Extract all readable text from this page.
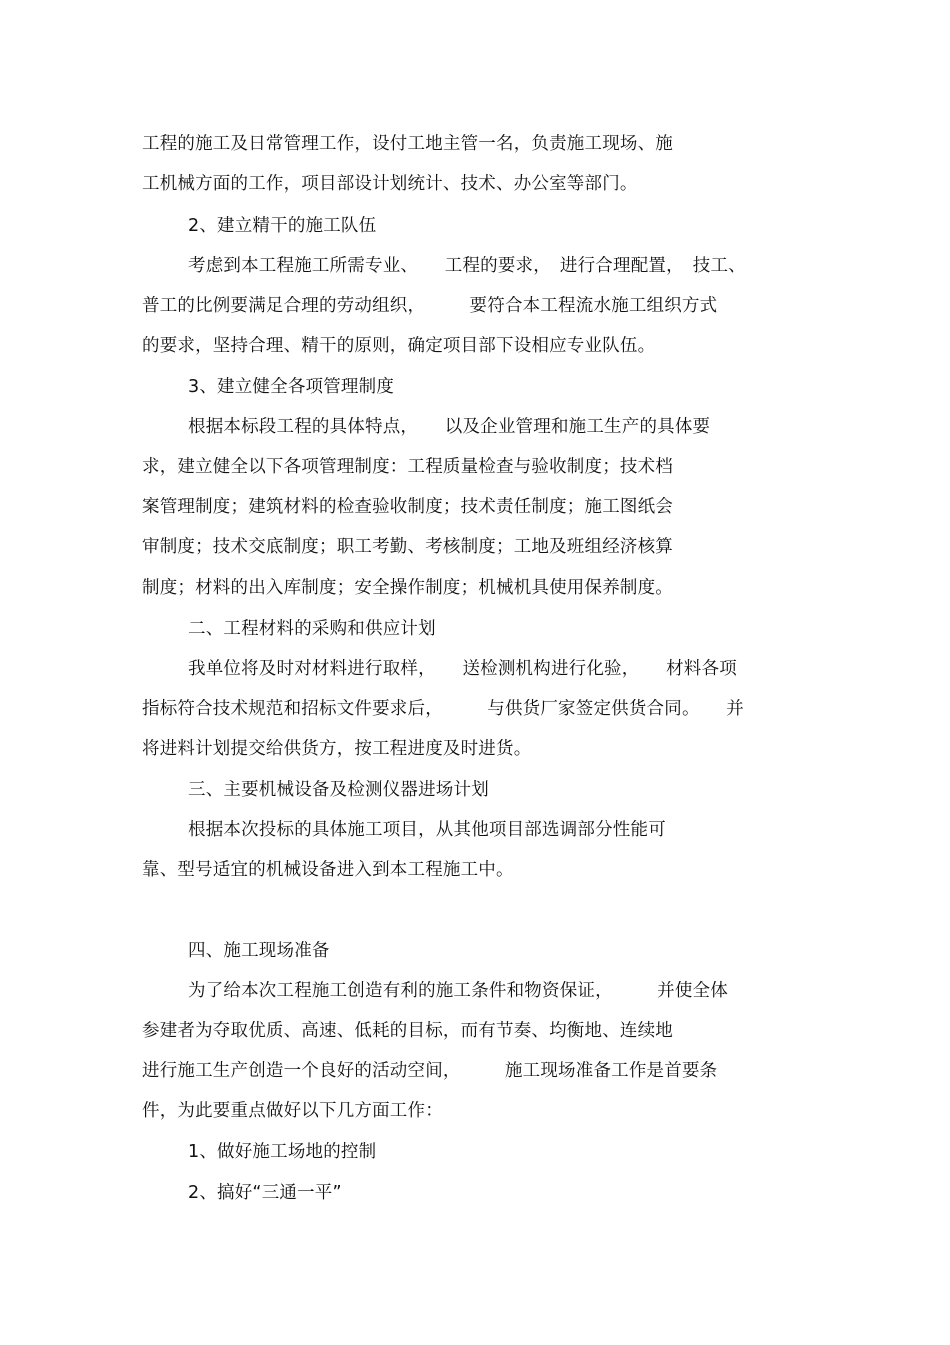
工程的施工及日常管理工作，设付工地主管一名，负责施工现场、施
工机械方面的工作，项目部设计划统计、技术、办公室等部门。
2、建立精干的施工队伍
考虑到本工程施工所需专业、　　工程的要求，　进行合理配置，　技工、
普工的比例要满足合理的劳动组织，　　　要符合本工程流水施工组织方式
的要求，坚持合理、精干的原则，确定项目部下设相应专业队伍。
3、建立健全各项管理制度
根据本标段工程的具体特点，　　以及企业管理和施工生产的具体要
求，建立健全以下各项管理制度：工程质量检查与验收制度；技术档
案管理制度；建筑材料的检查验收制度；技术责任制度；施工图纸会
审制度；技术交底制度；职工考勤、考核制度；工地及班组经济核算
制度；材料的出入库制度；安全操作制度；机械机具使用保养制度。
二、工程材料的采购和供应计划
我单位将及时对材料进行取样，　　送检测机构进行化验，　　材料各项
指标符合技术规范和招标文件要求后，　　　与供货厂家签定供货合同。　　并
将进料计划提交给供货方，按工程进度及时进货。
三、主要机械设备及检测仪器进场计划
根据本次投标的具体施工项目，从其他项目部选调部分性能可
靠、型号适宜的机械设备进入到本工程施工中。
四、施工现场准备
为了给本次工程施工创造有利的施工条件和物资保证，　　　并使全体
参建者为夺取优质、高速、低耗的目标，而有节奏、均衡地、连续地
进行施工生产创造一个良好的活动空间，　　　施工现场准备工作是首要条
件，为此要重点做好以下几方面工作：
1、做好施工场地的控制
2、搞好“三通一平”
